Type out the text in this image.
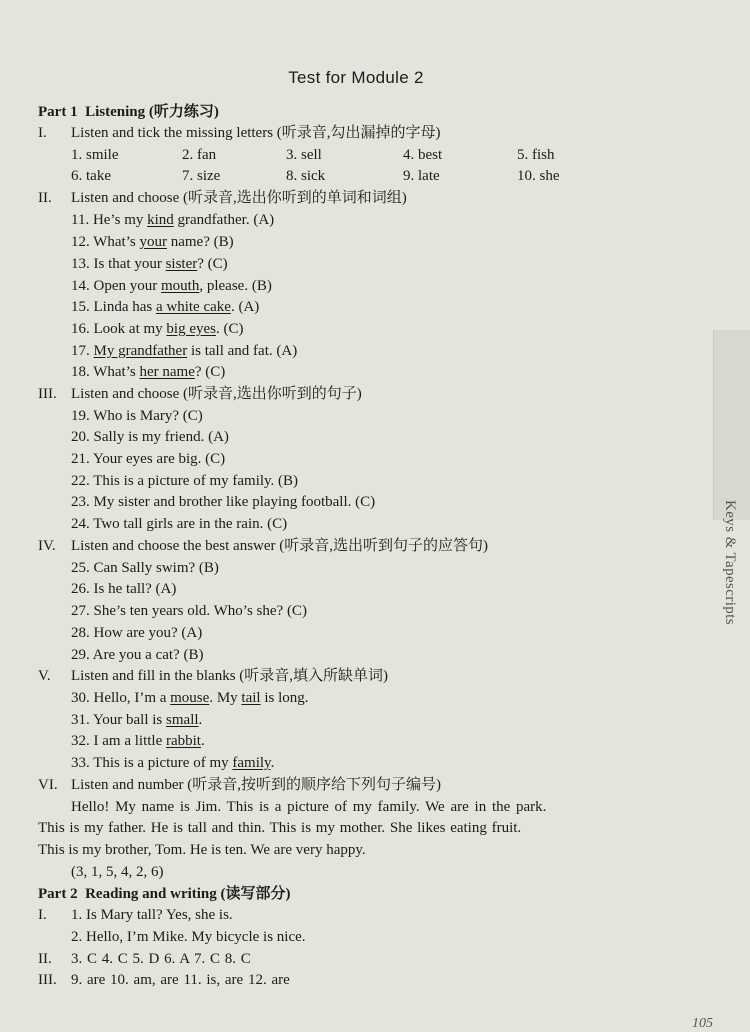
Keys & Tapescripts
Test for Module 2
Part 1 Listening (听力练习)
I. Listen and tick the missing letters (听录音,勾出漏掉的字母)
1. smile	2. fan	3. sell	4. best	5. fish
6. take	7. size	8. sick	9. late	10. she
II. Listen and choose (听录音,选出你听到的单词和词组)
11. He’s my kind grandfather. (A)
12. What’s your name? (B)
13. Is that your sister? (C)
14. Open your mouth, please. (B)
15. Linda has a white cake. (A)
16. Look at my big eyes. (C)
17. My grandfather is tall and fat. (A)
18. What’s her name? (C)
III. Listen and choose (听录音,选出你听到的句子)
19. Who is Mary? (C)
20. Sally is my friend. (A)
21. Your eyes are big. (C)
22. This is a picture of my family. (B)
23. My sister and brother like playing football. (C)
24. Two tall girls are in the rain. (C)
IV. Listen and choose the best answer (听录音,选出听到句子的应答句)
25. Can Sally swim? (B)
26. Is he tall? (A)
27. She’s ten years old. Who’s she? (C)
28. How are you? (A)
29. Are you a cat? (B)
V. Listen and fill in the blanks (听录音,填入所缺单词)
30. Hello, I’m a mouse. My tail is long.
31. Your ball is small.
32. I am a little rabbit.
33. This is a picture of my family.
VI. Listen and number (听录音,按听到的顺序给下列句子编号)
Hello! My name is Jim. This is a picture of my family. We are in the park.
This is my father. He is tall and thin. This is my mother. She likes eating fruit.
This is my brother, Tom. He is ten. We are very happy.
(3, 1, 5, 4, 2, 6)
Part 2 Reading and writing (读写部分)
I. 1. Is Mary tall? Yes, she is.
2. Hello, I’m Mike. My bicycle is nice.
II. 3. C 4. C 5. D 6. A 7. C 8. C
III. 9. are 10. am, are 11. is, are 12. are
105
